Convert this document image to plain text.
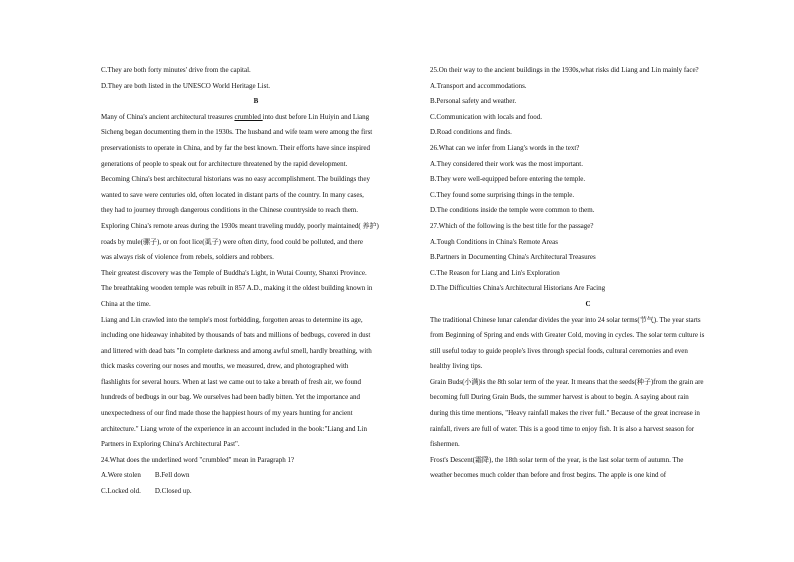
C.They are both forty minutes' drive from the capital.
D.They are both listed in the UNESCO World Heritage List.
B
Many of China's ancient architectural treasures crumbled into dust before Lin Huiyin and Liang
Sicheng began documenting them in the 1930s. The husband and wife team were among the first
preservationists to operate in China, and by far the best known. Their efforts have since inspired
generations of people to speak out for architecture threatened by the rapid development.
Becoming China's best architectural historians was no easy accomplishment. The buildings they
wanted to save were centuries old, often located in distant parts of the country. In many cases,
they had to journey through dangerous conditions in the Chinese countryside to reach them.
Exploring China's remote areas during the 1930s meant traveling muddy, poorly maintained( 养护)
roads by mule(骡子), or on foot lice(虱子) were often dirty, food could be polluted, and there
was always risk of violence from rebels, soldiers and robbers.
Their greatest discovery was the Temple of Buddha's Light, in Wutai County, Shanxi Province.
The breathtaking wooden temple was rebuilt in 857 A.D., making it the oldest building known in
China at the time.
Liang and Lin crawled into the temple's most forbidding, forgotten areas to determine its age,
including one hideaway inhabited by thousands of bats and millions of bedbugs, covered in dust
and littered with dead bats "In complete darkness and among awful smell, hardly breathing, with
thick masks covering our noses and mouths, we measured, drew, and photographed with
flashlights for several hours. When at last we came out to take a breath of fresh air, we found
hundreds of bedbugs in our bag. We ourselves had been badly bitten. Yet the importance and
unexpectedness of our find made those the happiest hours of my years hunting for ancient
architecture." Liang wrote of the experience in an account included in the book:"Liang and Lin
Partners in Exploring China's Architectural Past".
24.What does the underlined word "crumbled" mean in Paragraph 1?
A.Were stolen B.Fell down
C.Locked old. D.Closed up.
25.On their way to the ancient buildings in the 1930s,what risks did Liang and Lin mainly face?
A.Transport and accommodations.
B.Personal safety and weather.
C.Communication with locals and food.
D.Road conditions and finds.
26.What can we infer from Liang's words in the text?
A.They considered their work was the most important.
B.They were well-equipped before entering the temple.
C.They found some surprising things in the temple.
D.The conditions inside the temple were common to them.
27.Which of the following is the best title for the passage?
A.Tough Conditions in China's Remote Areas
B.Partners in Documenting China's Architectural Treasures
C.The Reason for Liang and Lin's Exploration
D.The Difficulties China's Architectural Historians Are Facing
C
The traditional Chinese lunar calendar divides the year into 24 solar terms(节气). The year starts
from Beginning of Spring and ends with Greater Cold, moving in cycles. The solar term culture is
still useful today to guide people's lives through special foods, cultural ceremonies and even
healthy living tips.
Grain Buds(小满)is the 8th solar term of the year. It means that the seeds(种子)from the grain are
becoming full During Grain Buds, the summer harvest is about to begin. A saying about rain
during this time mentions, "Heavy rainfall makes the river full." Because of the great increase in
rainfall, rivers are full of water. This is a good time to enjoy fish. It is also a harvest season for
fishermen.
Frost's Descent(霜降), the 18th solar term of the year, is the last solar term of autumn. The
weather becomes much colder than before and frost begins. The apple is one kind of
